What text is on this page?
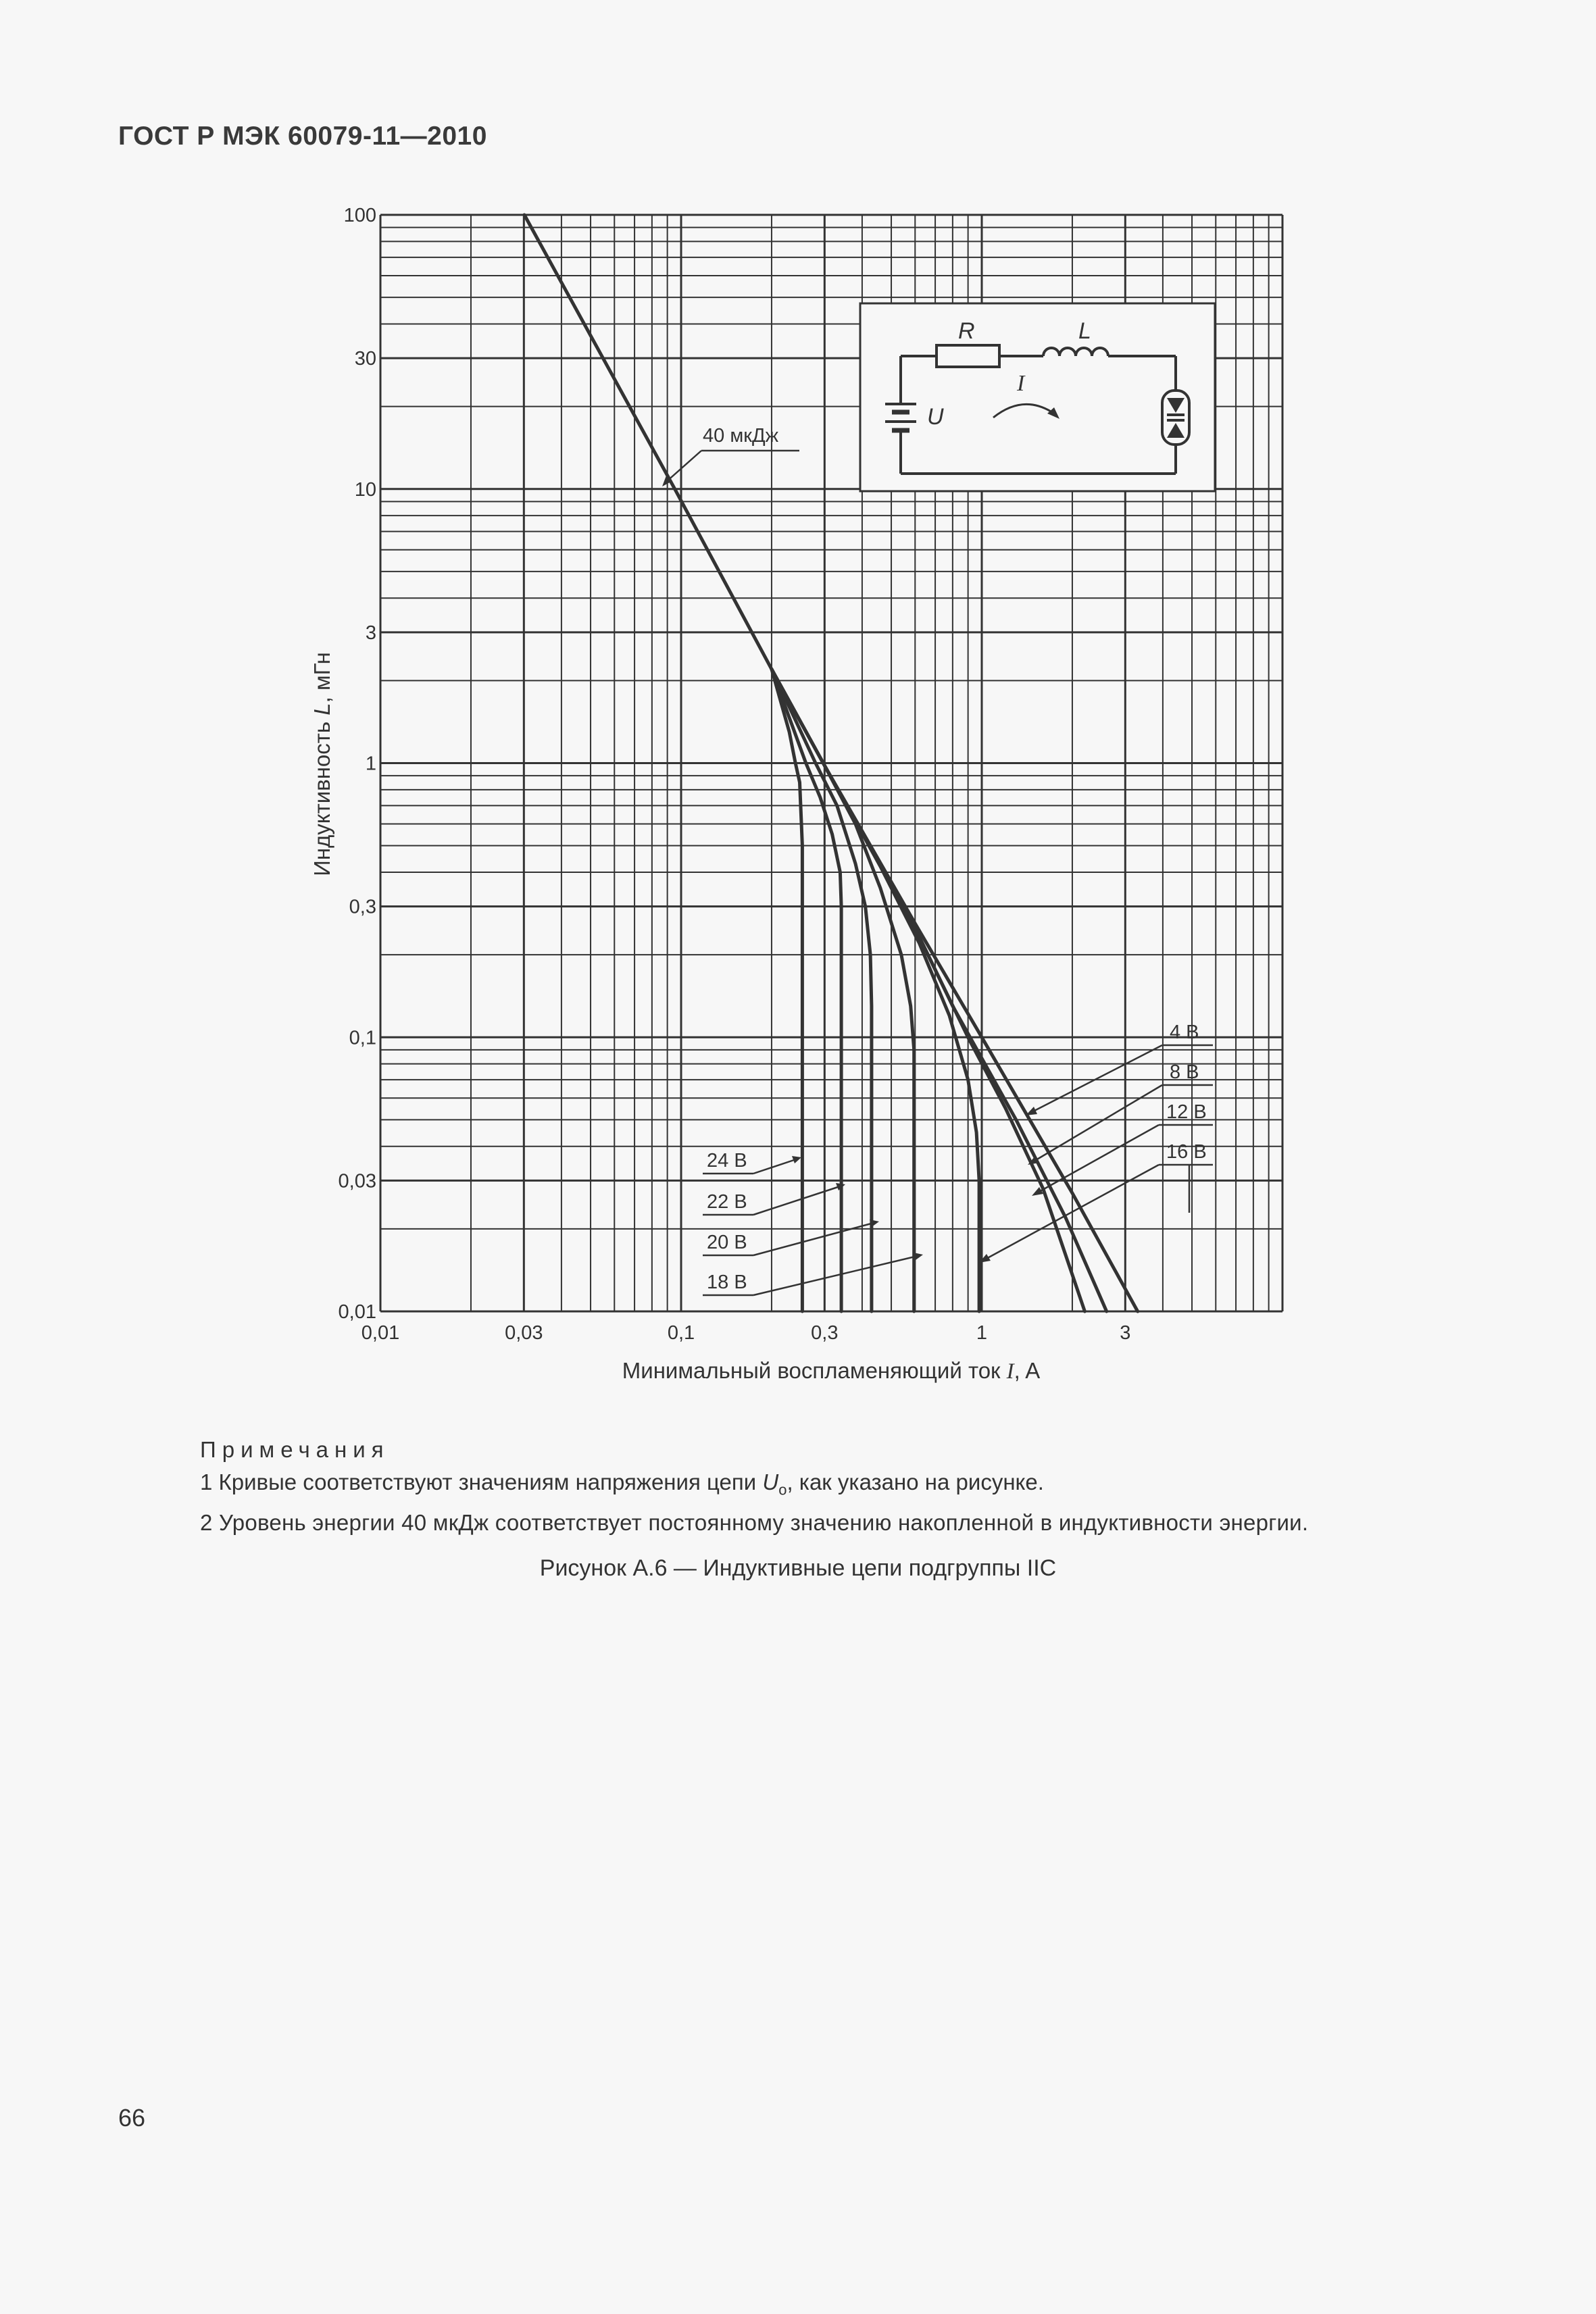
ГОСТ Р МЭК 60079-11—2010
0,01	0,03	0,1	0,3	1	3
0,01
0,03
0,1
0,3
1
3
10
30
100
R	L
I
U
40 мкДж
4 В
8 В
12 В
16 В
24 В
22 В
20 В
18 В
Минимальный воспламеняющий ток I, A
Индуктивность L, мГн
Примечания
1 Кривые соответствуют значениям напряжения цепи $U_o$, как указано на рисунке.
2 Уровень энергии 40 мкДж соответствует постоянному значению накопленной в индуктивности энергии.
Рисунок А.6 — Индуктивные цепи подгруппы IIC
66
